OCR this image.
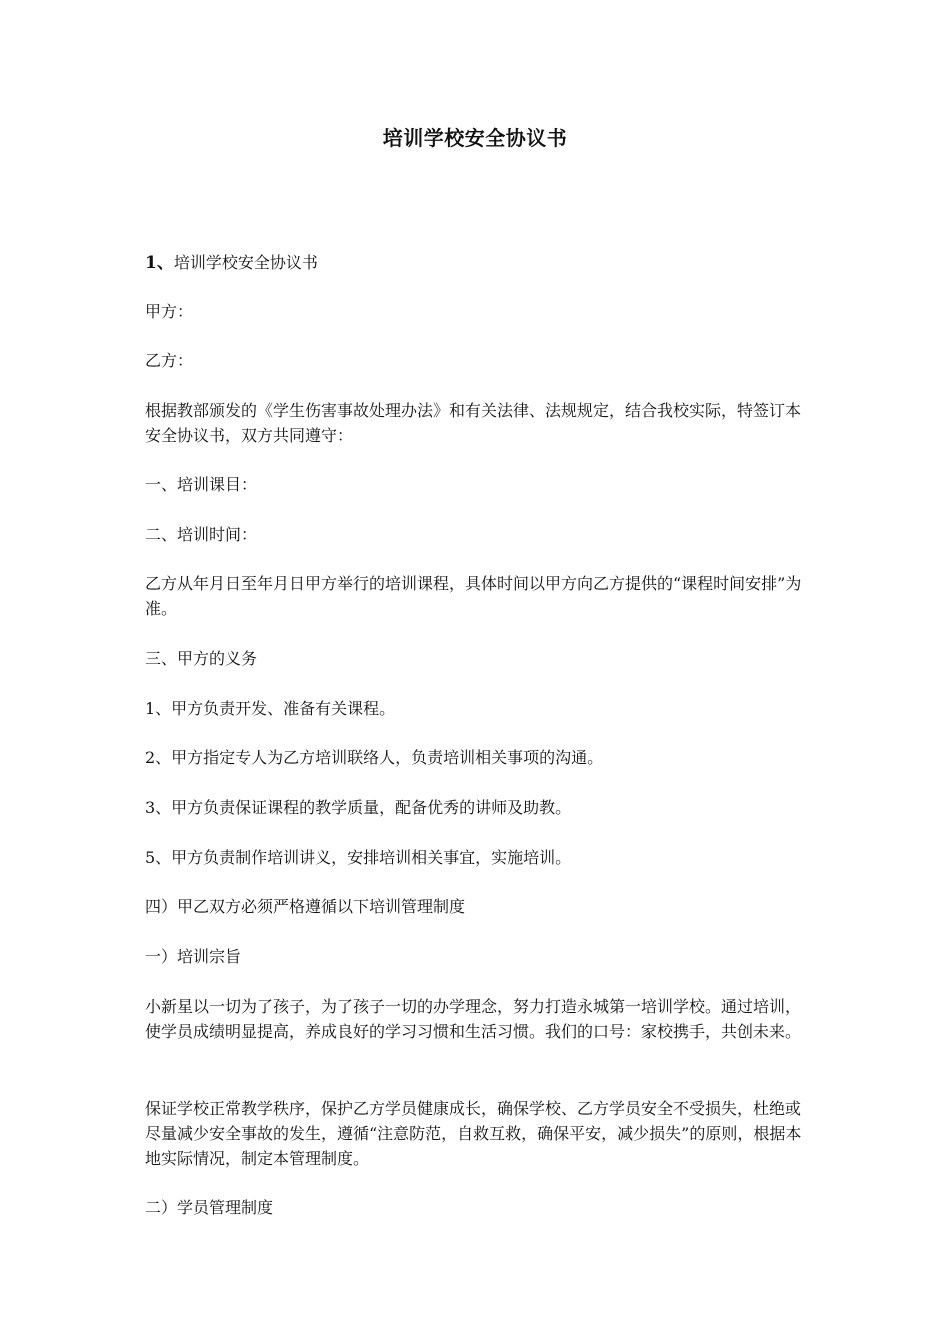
培训学校安全协议书

1、培训学校安全协议书

甲方：

乙方：

根据教部颁发的《学生伤害事故处理办法》和有关法律、法规规定，结合我校实际，特签订本安全协议书，双方共同遵守：

一、培训课目：

二、培训时间：

乙方从年月日至年月日甲方举行的培训课程，具体时间以甲方向乙方提供的“课程时间安排”为准。

三、甲方的义务

1、甲方负责开发、准备有关课程。

2、甲方指定专人为乙方培训联络人，负责培训相关事项的沟通。

3、甲方负责保证课程的教学质量，配备优秀的讲师及助教。

5、甲方负责制作培训讲义，安排培训相关事宜，实施培训。

四）甲乙双方必须严格遵循以下培训管理制度

一）培训宗旨

小新星以一切为了孩子，为了孩子一切的办学理念，努力打造永城第一培训学校。通过培训，使学员成绩明显提高，养成良好的学习习惯和生活习惯。我们的口号：家校携手，共创未来。

保证学校正常教学秩序，保护乙方学员健康成长，确保学校、乙方学员安全不受损失，杜绝或尽量减少安全事故的发生，遵循“注意防范，自救互救，确保平安，减少损失”的原则，根据本地实际情况，制定本管理制度。

二）学员管理制度
